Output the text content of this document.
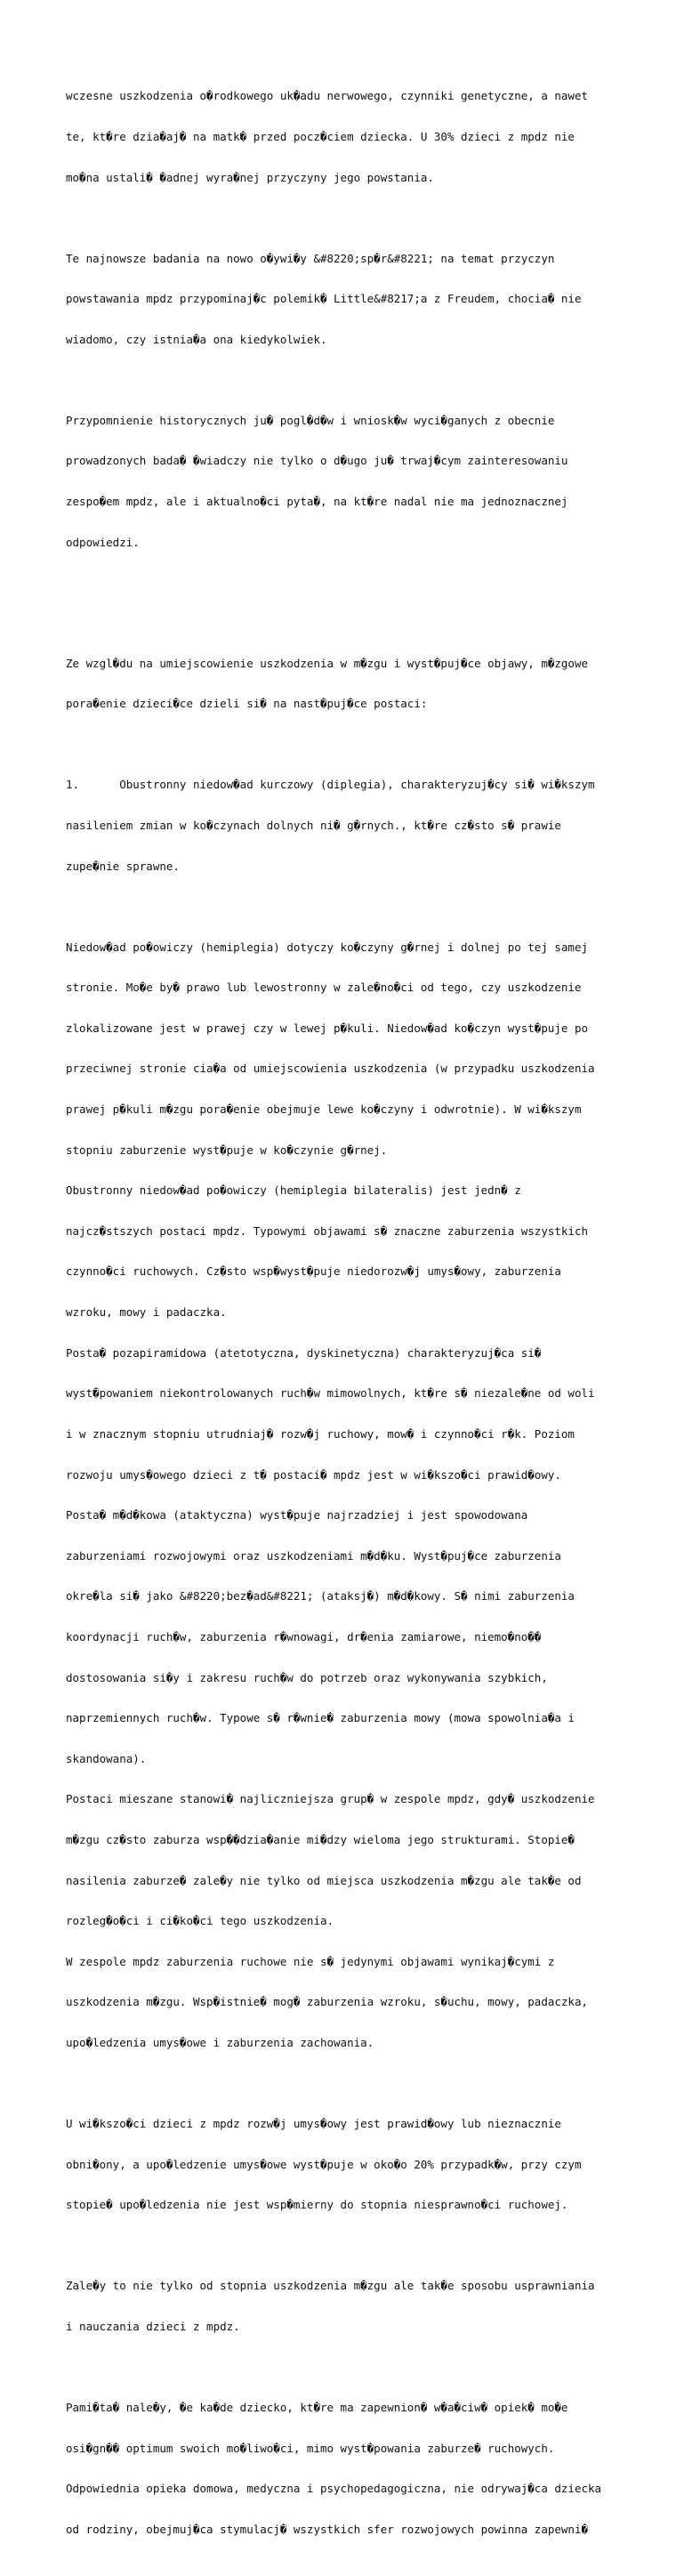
wczesne uszkodzenia o�rodkowego uk�adu nerwowego, czynniki genetyczne, a nawet

te, kt�re dzia�aj� na matk� przed pocz�ciem dziecka. U 30% dzieci z mpdz nie

mo�na ustali� �adnej wyra�nej przyczyny jego powstania.

Te najnowsze badania na nowo o�ywi�y &#8220;sp�r&#8221; na temat przyczyn

powstawania mpdz przypominaj�c polemik� Little&#8217;a z Freudem, chocia� nie

wiadomo, czy istnia�a ona kiedykolwiek.

Przypomnienie historycznych ju� pogl�d�w i wniosk�w wyci�ganych z obecnie

prowadzonych bada� �wiadczy nie tylko o d�ugo ju� trwaj�cym zainteresowaniu

zespo�em mpdz, ale i aktualno�ci pyta�, na kt�re nadal nie ma jednoznacznej

odpowiedzi.

Ze wzgl�du na umiejscowienie uszkodzenia w m�zgu i wyst�puj�ce objawy, m�zgowe

pora�enie dzieci�ce dzieli si� na nast�puj�ce postaci:

1.      Obustronny niedow�ad kurczowy (diplegia), charakteryzuj�cy si� wi�kszym

nasileniem zmian w ko�czynach dolnych ni� g�rnych., kt�re cz�sto s� prawie

zupe�nie sprawne.

Niedow�ad po�owiczy (hemiplegia) dotyczy ko�czyny g�rnej i dolnej po tej samej

stronie. Mo�e by� prawo lub lewostronny w zale�no�ci od tego, czy uszkodzenie

zlokalizowane jest w prawej czy w lewej p�kuli. Niedow�ad ko�czyn wyst�puje po

przeciwnej stronie cia�a od umiejscowienia uszkodzenia (w przypadku uszkodzenia

prawej p�kuli m�zgu pora�enie obejmuje lewe ko�czyny i odwrotnie). W wi�kszym

stopniu zaburzenie wyst�puje w ko�czynie g�rnej.

Obustronny niedow�ad po�owiczy (hemiplegia bilateralis) jest jedn� z

najcz�stszych postaci mpdz. Typowymi objawami s� znaczne zaburzenia wszystkich

czynno�ci ruchowych. Cz�sto wsp�wyst�puje niedorozw�j umys�owy, zaburzenia

wzroku, mowy i padaczka.

Posta� pozapiramidowa (atetotyczna, dyskinetyczna) charakteryzuj�ca si�

wyst�powaniem niekontrolowanych ruch�w mimowolnych, kt�re s� niezale�ne od woli

i w znacznym stopniu utrudniaj� rozw�j ruchowy, mow� i czynno�ci r�k. Poziom

rozwoju umys�owego dzieci z t� postaci� mpdz jest w wi�kszo�ci prawid�owy.

Posta� m�d�kowa (ataktyczna) wyst�puje najrzadziej i jest spowodowana

zaburzeniami rozwojowymi oraz uszkodzeniami m�d�ku. Wyst�puj�ce zaburzenia

okre�la si� jako &#8220;bez�ad&#8221; (ataksj�) m�d�kowy. S� nimi zaburzenia

koordynacji ruch�w, zaburzenia r�wnowagi, dr�enia zamiarowe, niemo�no��

dostosowania si�y i zakresu ruch�w do potrzeb oraz wykonywania szybkich,

naprzemiennych ruch�w. Typowe s� r�wnie� zaburzenia mowy (mowa spowolnia�a i

skandowana).

Postaci mieszane stanowi� najliczniejsza grup� w zespole mpdz, gdy� uszkodzenie

m�zgu cz�sto zaburza wsp��dzia�anie mi�dzy wieloma jego strukturami. Stopie�

nasilenia zaburze� zale�y nie tylko od miejsca uszkodzenia m�zgu ale tak�e od

rozleg�o�ci i ci�ko�ci tego uszkodzenia.

W zespole mpdz zaburzenia ruchowe nie s� jedynymi objawami wynikaj�cymi z

uszkodzenia m�zgu. Wsp�istnie� mog� zaburzenia wzroku, s�uchu, mowy, padaczka,

upo�ledzenia umys�owe i zaburzenia zachowania.

U wi�kszo�ci dzieci z mpdz rozw�j umys�owy jest prawid�owy lub nieznacznie

obni�ony, a upo�ledzenie umys�owe wyst�puje w oko�o 20% przypadk�w, przy czym

stopie� upo�ledzenia nie jest wsp�mierny do stopnia niesprawno�ci ruchowej.

Zale�y to nie tylko od stopnia uszkodzenia m�zgu ale tak�e sposobu usprawniania

i nauczania dzieci z mpdz.

Pami�ta� nale�y, �e ka�de dziecko, kt�re ma zapewnion� w�a�ciw� opiek� mo�e

osi�gn�� optimum swoich mo�liwo�ci, mimo wyst�powania zaburze� ruchowych.

Odpowiednia opieka domowa, medyczna i psychopedagogiczna, nie odrywaj�ca dziecka

od rodziny, obejmuj�ca stymulacj� wszystkich sfer rozwojowych powinna zapewni�
